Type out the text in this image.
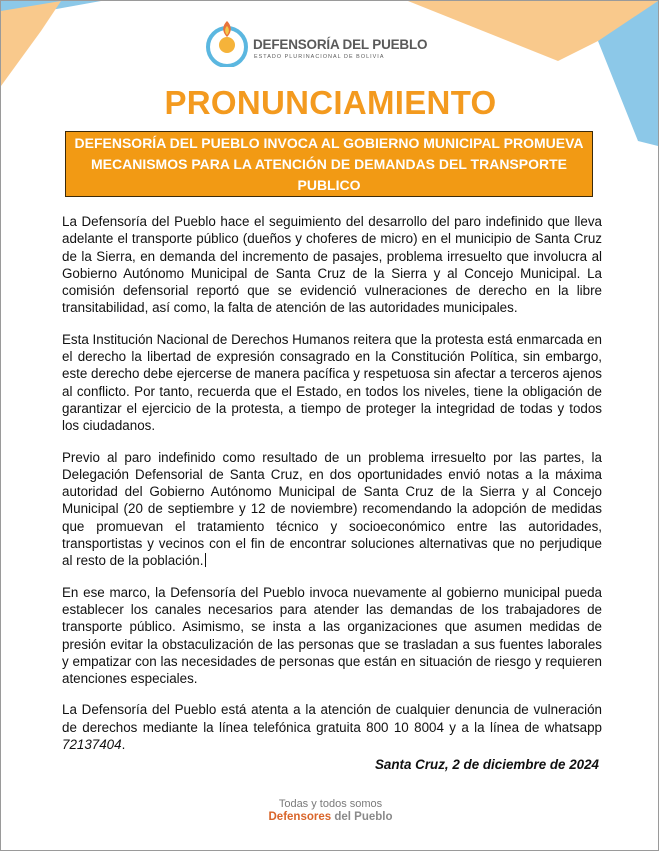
DEFENSORÍA DEL PUEBLO
ESTADO PLURINACIONAL DE BOLIVIA
PRONUNCIAMIENTO
DEFENSORÍA DEL PUEBLO INVOCA AL GOBIERNO MUNICIPAL PROMUEVA MECANISMOS PARA LA ATENCIÓN DE DEMANDAS DEL TRANSPORTE PUBLICO

La Defensoría del Pueblo hace el seguimiento del desarrollo del paro indefinido que lleva adelante el transporte público (dueños y choferes de micro) en el municipio de Santa Cruz de la Sierra, en demanda del incremento de pasajes, problema irresuelto que involucra al Gobierno Autónomo Municipal de Santa Cruz de la Sierra y al Concejo Municipal. La comisión defensorial reportó que se evidenció vulneraciones de derecho en la libre transitabilidad, así como, la falta de atención de las autoridades municipales.

Esta Institución Nacional de Derechos Humanos reitera que la protesta está enmarcada en el derecho la libertad de expresión consagrado en la Constitución Política, sin embargo, este derecho debe ejercerse de manera pacífica y respetuosa sin afectar a terceros ajenos al conflicto. Por tanto, recuerda que el Estado, en todos los niveles, tiene la obligación de garantizar el ejercicio de la protesta, a tiempo de proteger la integridad de todas y todos los ciudadanos.

Previo al paro indefinido como resultado de un problema irresuelto por las partes, la Delegación Defensorial de Santa Cruz, en dos oportunidades envió notas a la máxima autoridad del Gobierno Autónomo Municipal de Santa Cruz de la Sierra y al Concejo Municipal (20 de septiembre y 12 de noviembre) recomendando la adopción de medidas que promuevan el tratamiento técnico y socioeconómico entre las autoridades, transportistas y vecinos con el fin de encontrar soluciones alternativas que no perjudique al resto de la población.

En ese marco, la Defensoría del Pueblo invoca nuevamente al gobierno municipal pueda establecer los canales necesarios para atender las demandas de los trabajadores de transporte público. Asimismo, se insta a las organizaciones que asumen medidas de presión evitar la obstaculización de las personas que se trasladan a sus fuentes laborales y empatizar con las necesidades de personas que están en situación de riesgo y requieren atenciones especiales.

La Defensoría del Pueblo está atenta a la atención de cualquier denuncia de vulneración de derechos mediante la línea telefónica gratuita 800 10 8004 y a la línea de whatsapp 72137404.

Santa Cruz, 2 de diciembre de 2024
Todas y todos somos
Defensores del Pueblo
